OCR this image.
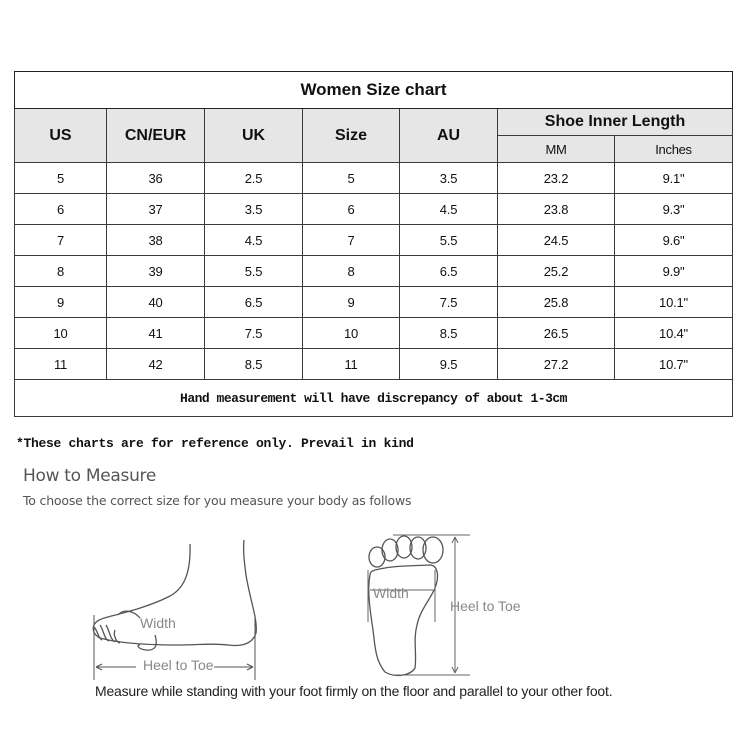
Women Size chart						
US	CN/EUR	UK	Size	AU	Shoe Inner Length	
					MM	Inches
5	36	2.5	5	3.5	23.2	9.1"
6	37	3.5	6	4.5	23.8	9.3"
7	38	4.5	7	5.5	24.5	9.6"
8	39	5.5	8	6.5	25.2	9.9"
9	40	6.5	9	7.5	25.8	10.1"
10	41	7.5	10	8.5	26.5	10.4"
11	42	8.5	11	9.5	27.2	10.7"
Hand measurement will have discrepancy of about 1-3cm						
*These charts are for reference only. Prevail in kind
How to Measure
To choose the correct size for you measure your body as follows
Width
Heel to Toe
Width
Heel to Toe
Measure while standing with your foot firmly on the floor and parallel to your other foot.
